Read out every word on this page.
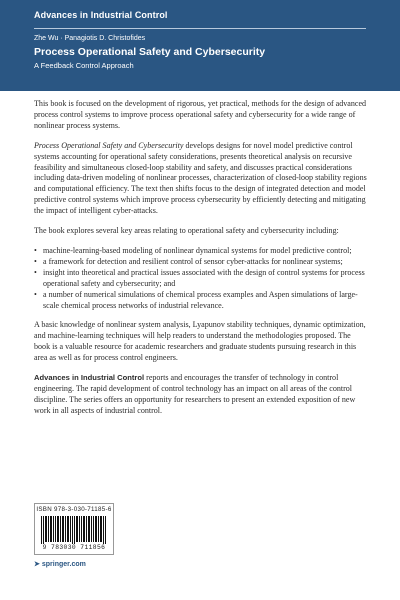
Advances in Industrial Control
Zhe Wu · Panagiotis D. Christofides
Process Operational Safety and Cybersecurity
A Feedback Control Approach

This book is focused on the development of rigorous, yet practical, methods for the design of advanced process control systems to improve process operational safety and cybersecurity for a wide range of nonlinear process systems.

Process Operational Safety and Cybersecurity develops designs for novel model predictive control systems accounting for operational safety considerations, presents theoretical analysis on recursive feasibility and simultaneous closed-loop stability and safety, and discusses practical considerations including data-driven modeling of nonlinear processes, characterization of closed-loop stability regions and computational efficiency. The text then shifts focus to the design of integrated detection and model predictive control systems which improve process cybersecurity by efficiently detecting and mitigating the impact of intelligent cyber-attacks.

The book explores several key areas relating to operational safety and cybersecurity including:

• machine-learning-based modeling of nonlinear dynamical systems for model predictive control;
• a framework for detection and resilient control of sensor cyber-attacks for nonlinear systems;
• insight into theoretical and practical issues associated with the design of control systems for process operational safety and cybersecurity; and
• a number of numerical simulations of chemical process examples and Aspen simulations of large-scale chemical process networks of industrial relevance.

A basic knowledge of nonlinear system analysis, Lyapunov stability techniques, dynamic optimization, and machine-learning techniques will help readers to understand the methodologies proposed. The book is a valuable resource for academic researchers and graduate students pursuing research in this area as well as for process control engineers.

Advances in Industrial Control reports and encourages the transfer of technology in control engineering. The rapid development of control technology has an impact on all areas of the control discipline. The series offers an opportunity for researchers to present an extended exposition of new work in all aspects of industrial control.

ISBN 978-3-030-71185-6
9 783030 711856
➤ springer.com
